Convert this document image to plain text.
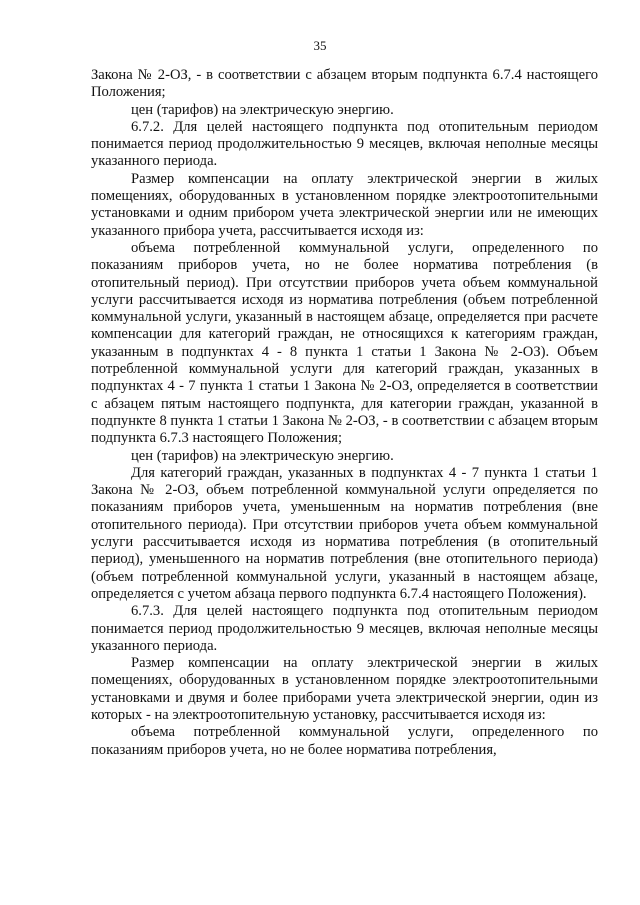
35

Закона № 2-ОЗ, - в соответствии с абзацем вторым подпункта 6.7.4 настоящего Положения;

цен (тарифов) на электрическую энергию.

6.7.2. Для целей настоящего подпункта под отопительным периодом понимается период продолжительностью 9 месяцев, включая неполные месяцы указанного периода.

Размер компенсации на оплату электрической энергии в жилых помещениях, оборудованных в установленном порядке электроотопительными установками и одним прибором учета электрической энергии или не имеющих указанного прибора учета, рассчитывается исходя из:

объема потребленной коммунальной услуги, определенного по показаниям приборов учета, но не более норматива потребления (в отопительный период). При отсутствии приборов учета объем коммунальной услуги рассчитывается исходя из норматива потребления (объем потребленной коммунальной услуги, указанный в настоящем абзаце, определяется при расчете компенсации для категорий граждан, не относящихся к категориям граждан, указанным в подпунктах 4 - 8 пункта 1 статьи 1 Закона № 2-ОЗ). Объем потребленной коммунальной услуги для категорий граждан, указанных в подпунктах 4 - 7 пункта 1 статьи 1 Закона № 2-ОЗ, определяется в соответствии с абзацем пятым настоящего подпункта, для категории граждан, указанной в подпункте 8 пункта 1 статьи 1 Закона № 2-ОЗ, - в соответствии с абзацем вторым подпункта 6.7.3 настоящего Положения;

цен (тарифов) на электрическую энергию.

Для категорий граждан, указанных в подпунктах 4 - 7 пункта 1 статьи 1 Закона № 2-ОЗ, объем потребленной коммунальной услуги определяется по показаниям приборов учета, уменьшенным на норматив потребления (вне отопительного периода). При отсутствии приборов учета объем коммунальной услуги рассчитывается исходя из норматива потребления (в отопительный период), уменьшенного на норматив потребления (вне отопительного периода) (объем потребленной коммунальной услуги, указанный в настоящем абзаце, определяется с учетом абзаца первого подпункта 6.7.4 настоящего Положения).

6.7.3. Для целей настоящего подпункта под отопительным периодом понимается период продолжительностью 9 месяцев, включая неполные месяцы указанного периода.

Размер компенсации на оплату электрической энергии в жилых помещениях, оборудованных в установленном порядке электроотопительными установками и двумя и более приборами учета электрической энергии, один из которых - на электроотопительную установку, рассчитывается исходя из:

объема потребленной коммунальной услуги, определенного по показаниям приборов учета, но не более норматива потребления,
